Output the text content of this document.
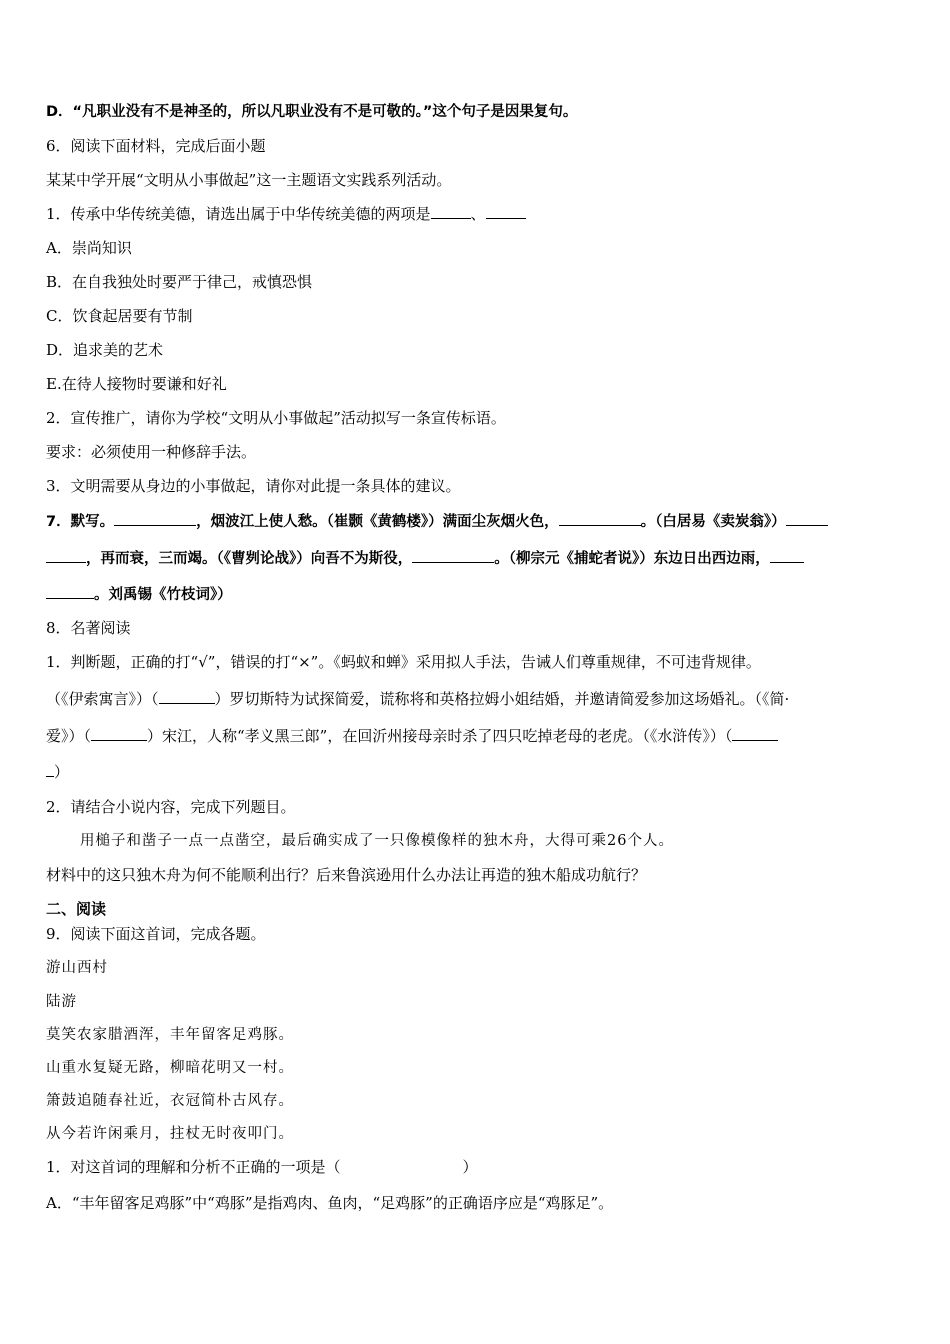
D．“凡职业没有不是神圣的，所以凡职业没有不是可敬的。”这个句子是因果复句。
6．阅读下面材料，完成后面小题
某某中学开展“文明从小事做起”这一主题语文实践系列活动。
1．传承中华传统美德，请选出属于中华传统美德的两项是	、
A．崇尚知识
B．在自我独处时要严于律己，戒慎恐惧
C．饮食起居要有节制
D．追求美的艺术
E.在待人接物时要谦和好礼
2．宣传推广，请你为学校“文明从小事做起”活动拟写一条宣传标语。
要求：必须使用一种修辞手法。
3．文明需要从身边的小事做起，请你对此提一条具体的建议。
7．默写。	，烟波江上使人愁。（崔颢《黄鹤楼》）满面尘灰烟火色，	。（白居易《卖炭翁》）
，再而衰，三而竭。（《曹刿论战》）向吾不为斯役，	。（柳宗元《捕蛇者说》）东边日出西边雨，
。刘禹锡《竹枝词》）
8．名著阅读
1．判断题，正确的打“√”，错误的打“×”。《蚂蚁和蝉》采用拟人手法，告诫人们尊重规律，不可违背规律。
（《伊索寓言》）（	）罗切斯特为试探简爱，谎称将和英格拉姆小姐结婚，并邀请简爱参加这场婚礼。（《简·
爱》）（	）宋江，人称“孝义黑三郎”，在回沂州接母亲时杀了四只吃掉老母的老虎。（《水浒传》）（
）
2．请结合小说内容，完成下列题目。
用槌子和凿子一点一点凿空，最后确实成了一只像模像样的独木舟，大得可乘26个人。
材料中的这只独木舟为何不能顺利出行？后来鲁滨逊用什么办法让再造的独木船成功航行？
二、阅读
9．阅读下面这首词，完成各题。
游山西村
陆游
莫笑农家腊酒浑，丰年留客足鸡豚。
山重水复疑无路，柳暗花明又一村。
箫鼓追随春社近，衣冠简朴古风存。
从今若许闲乘月，拄杖无时夜叩门。
1．对这首词的理解和分析不正确的一项是（	）
A．“丰年留客足鸡豚”中“鸡豚”是指鸡肉、鱼肉，“足鸡豚”的正确语序应是“鸡豚足”。
